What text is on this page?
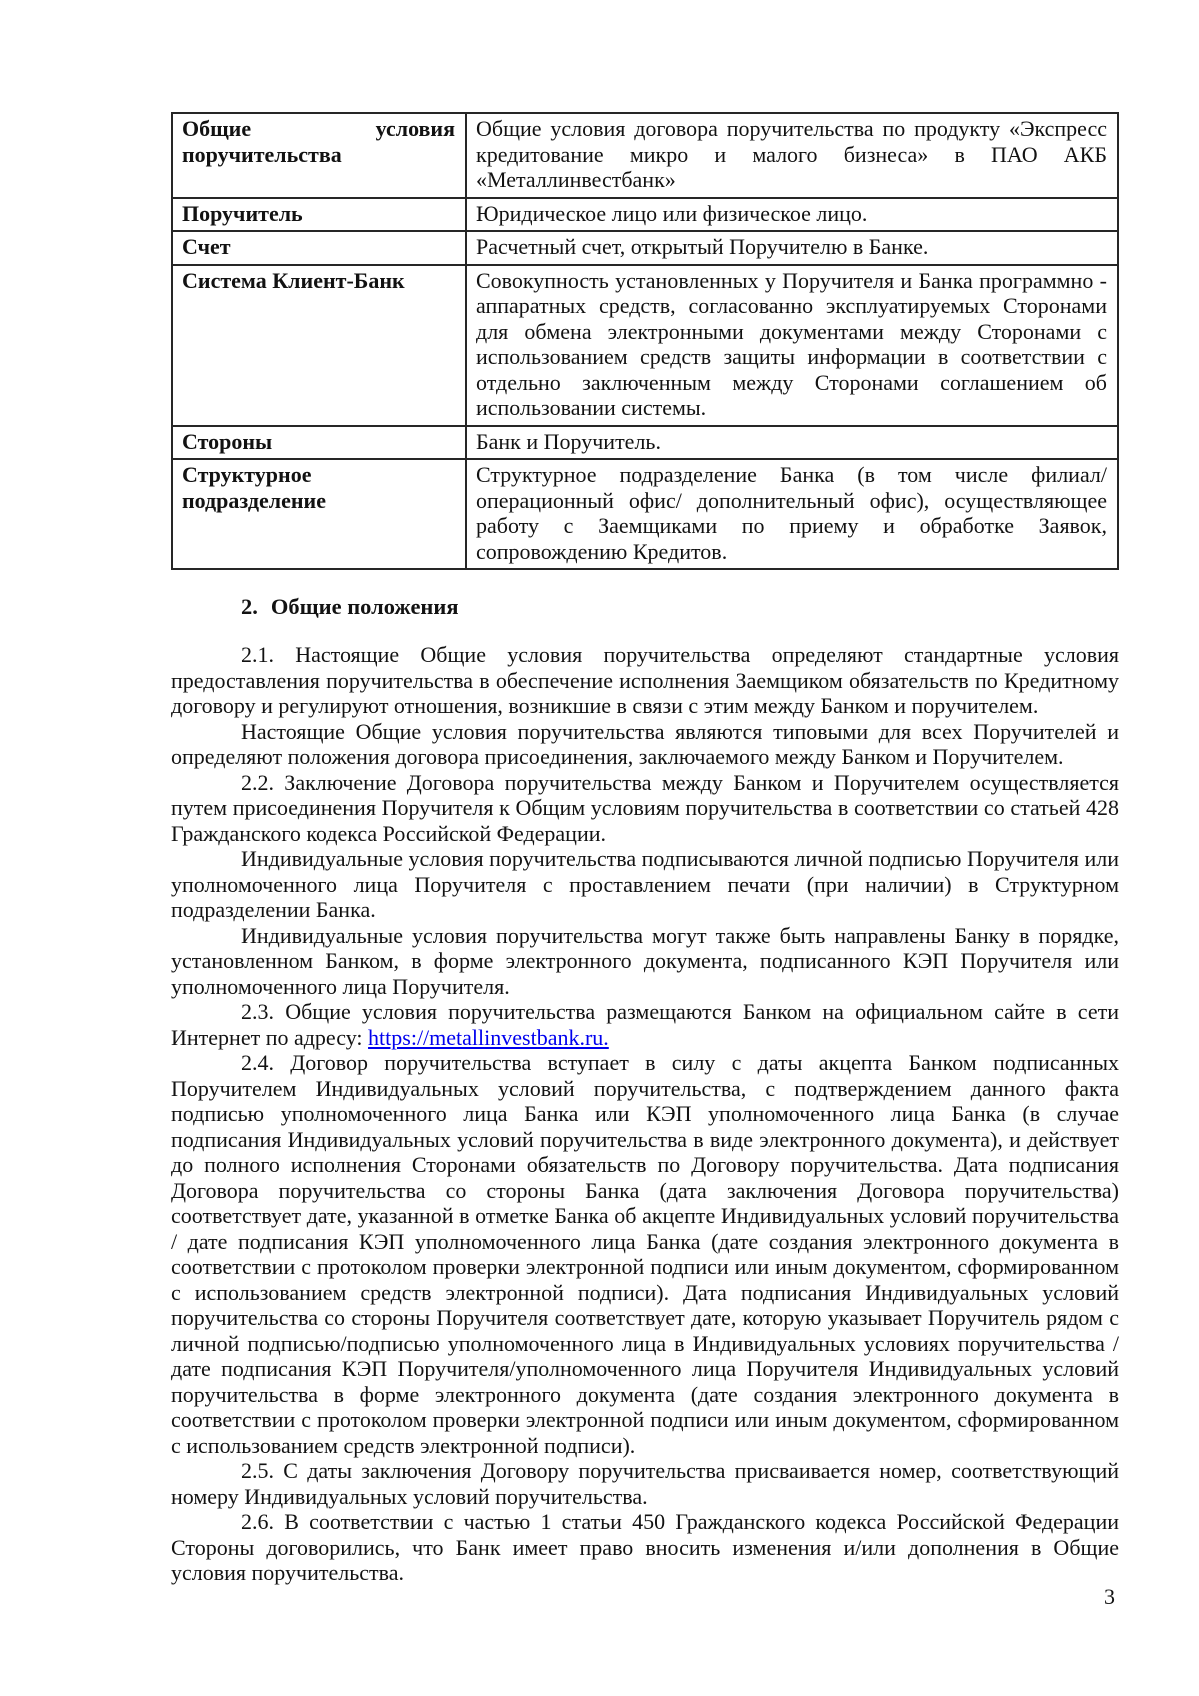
Общие условия поручительства	Общие условия договора поручительства по продукту «Экспресс кредитование микро и малого бизнеса» в ПАО АКБ «Металлинвестбанк»
Поручитель	Юридическое лицо или физическое лицо.
Счет	Расчетный счет, открытый Поручителю в Банке.
Система Клиент-Банк	Совокупность установленных у Поручителя и Банка программно - аппаратных средств, согласованно эксплуатируемых Сторонами для обмена электронными документами между Сторонами с использованием средств защиты информации в соответствии с отдельно заключенным между Сторонами соглашением об использовании системы.
Стороны	Банк и Поручитель.
Структурное подразделение	Структурное подразделение Банка (в том числе филиал/операционный офис/ дополнительный офис), осуществляющее работу с Заемщиками по приему и обработке Заявок, сопровождению Кредитов.
2. Общие положения

2.1. Настоящие Общие условия поручительства определяют стандартные условия предоставления поручительства в обеспечение исполнения Заемщиком обязательств по Кредитному договору и регулируют отношения, возникшие в связи с этим между Банком и поручителем.

Настоящие Общие условия поручительства являются типовыми для всех Поручителей и определяют положения договора присоединения, заключаемого между Банком и Поручителем.

2.2. Заключение Договора поручительства между Банком и Поручителем осуществляется путем присоединения Поручителя к Общим условиям поручительства в соответствии со статьей 428 Гражданского кодекса Российской Федерации.

Индивидуальные условия поручительства подписываются личной подписью Поручителя или уполномоченного лица Поручителя с проставлением печати (при наличии) в Структурном подразделении Банка.

Индивидуальные условия поручительства могут также быть направлены Банку в порядке, установленном Банком, в форме электронного документа, подписанного КЭП Поручителя или уполномоченного лица Поручителя.

2.3. Общие условия поручительства размещаются Банком на официальном сайте в сети Интернет по адресу: https://metallinvestbank.ru.

2.4. Договор поручительства вступает в силу с даты акцепта Банком подписанных Поручителем Индивидуальных условий поручительства, с подтверждением данного факта подписью уполномоченного лица Банка или КЭП уполномоченного лица Банка (в случае подписания Индивидуальных условий поручительства в виде электронного документа), и действует до полного исполнения Сторонами обязательств по Договору поручительства. Дата подписания Договора поручительства со стороны Банка (дата заключения Договора поручительства) соответствует дате, указанной в отметке Банка об акцепте Индивидуальных условий поручительства / дате подписания КЭП уполномоченного лица Банка (дате создания электронного документа в соответствии с протоколом проверки электронной подписи или иным документом, сформированном с использованием средств электронной подписи). Дата подписания Индивидуальных условий поручительства со стороны Поручителя соответствует дате, которую указывает Поручитель рядом с личной подписью/подписью уполномоченного лица в Индивидуальных условиях поручительства / дате подписания КЭП Поручителя/уполномоченного лица Поручителя Индивидуальных условий поручительства в форме электронного документа (дате создания электронного документа в соответствии с протоколом проверки электронной подписи или иным документом, сформированном с использованием средств электронной подписи).

2.5. С даты заключения Договору поручительства присваивается номер, соответствующий номеру Индивидуальных условий поручительства.

2.6. В соответствии с частью 1 статьи 450 Гражданского кодекса Российской Федерации Стороны договорились, что Банк имеет право вносить изменения и/или дополнения в Общие условия поручительства.

3
